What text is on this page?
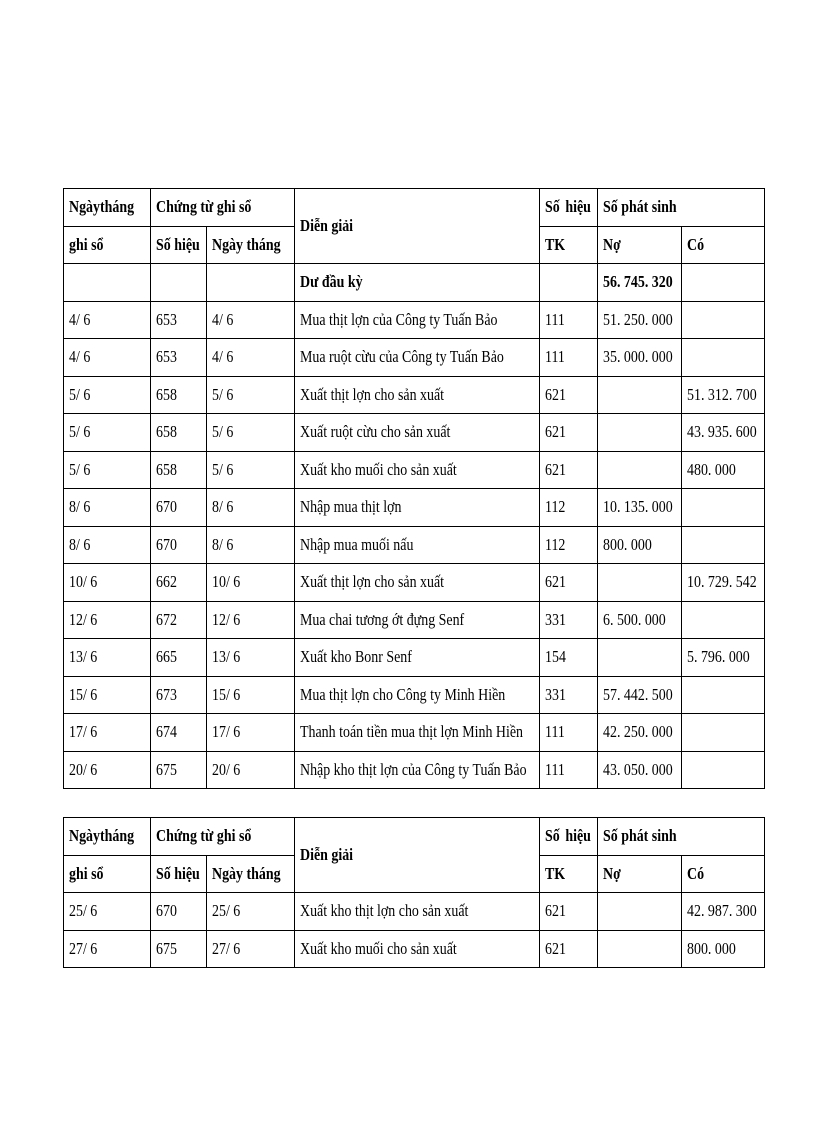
Ngày tháng	Chứng từ ghi sổ		Diễn giải	Số hiệu	Số phát sinh	
ghi sổ	Số hiệu	Ngày tháng		TK	Nợ	Có
			Dư đầu kỳ		56. 745. 320	
4/ 6	653	4/ 6	Mua thịt lợn của Công ty Tuấn Bảo	111	51. 250. 000	
4/ 6	653	4/ 6	Mua ruột cừu của Công ty Tuấn Bảo	111	35. 000. 000	
5/ 6	658	5/ 6	Xuất thịt lợn cho sản xuất	621		51. 312. 700
5/ 6	658	5/ 6	Xuất ruột cừu cho sản xuất	621		43. 935. 600
5/ 6	658	5/ 6	Xuất kho muối cho sản xuất	621		480. 000
8/ 6	670	8/ 6	Nhập mua thịt lợn	112	10. 135. 000	
8/ 6	670	8/ 6	Nhập mua muối nấu	112	800. 000	
10/ 6	662	10/ 6	Xuất thịt lợn cho sản xuất	621		10. 729. 542
12/ 6	672	12/ 6	Mua chai tương ớt đựng Senf	331	6. 500. 000	
13/ 6	665	13/ 6	Xuất kho Bonr Senf	154		5. 796. 000
15/ 6	673	15/ 6	Mua thịt lợn cho Công ty Minh Hiền	331	57. 442. 500	
17/ 6	674	17/ 6	Thanh toán tiền mua thịt lợn Minh Hiền	111	42. 250. 000	
20/ 6	675	20/ 6	Nhập kho thịt lợn của Công ty Tuấn Bảo	111	43. 050. 000	
Ngày tháng	Chứng từ ghi sổ		Diễn giải	Số hiệu	Số phát sinh	
ghi sổ	Số hiệu	Ngày tháng		TK	Nợ	Có
25/ 6	670	25/ 6	Xuất kho thịt lợn cho sản xuất	621		42. 987. 300
27/ 6	675	27/ 6	Xuất kho muối cho sản xuất	621		800. 000
